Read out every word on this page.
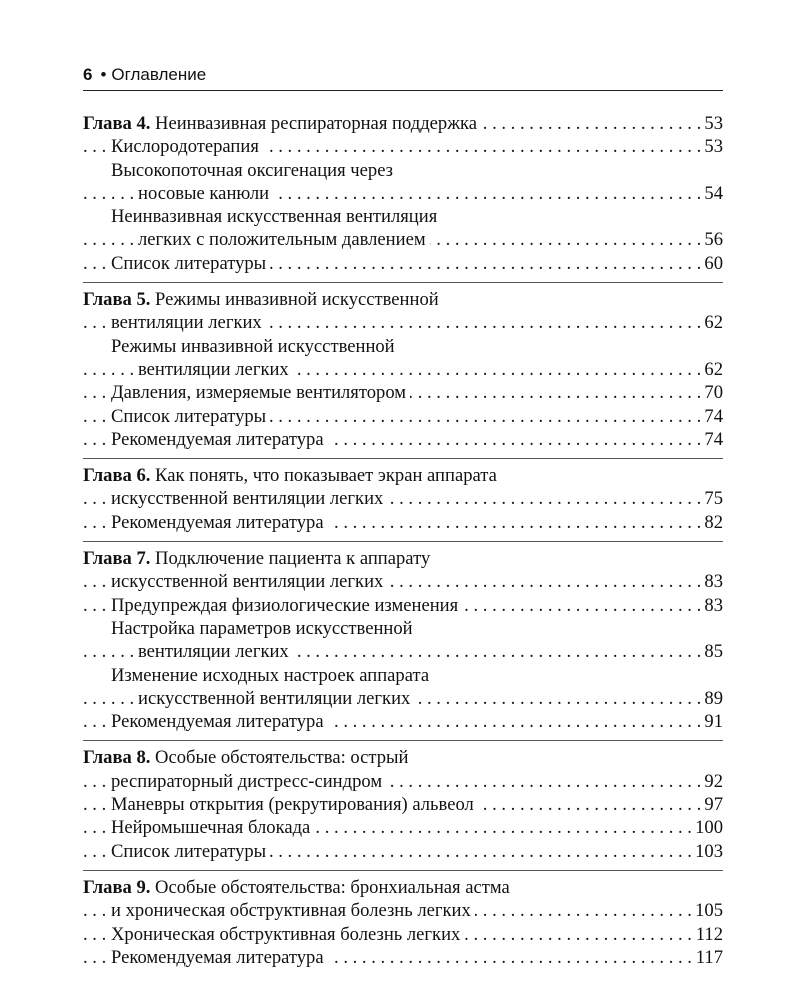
6 • Оглавление
Глава 4. Неинвазивная респираторная поддержка	53
. . .
Кислородотерапия	53
. . .
Высокопоточная оксигенация через
носовые канюли	54
. . .
Неинвазивная искусственная вентиляция
легких с положительным давлением	56
. . .
Список литературы	60
. . .
Глава 5. Режимы инвазивной искусственной
вентиляции легких	62
. . .
Режимы инвазивной искусственной
вентиляции легких	62
. . .
Давления, измеряемые вентилятором	70
. . .
Список литературы	74
. . .
Рекомендуемая литература	74
. . .
Глава 6. Как понять, что показывает экран аппарата
искусственной вентиляции легких	75
. . .
Рекомендуемая литература	82
. . .
Глава 7. Подключение пациента к аппарату
искусственной вентиляции легких	83
. . .
Предупреждая физиологические изменения	83
. . .
Настройка параметров искусственной
вентиляции легких	85
. . .
Изменение исходных настроек аппарата
искусственной вентиляции легких	89
. . .
Рекомендуемая литература	91
. . .
Глава 8. Особые обстоятельства: острый
респираторный дистресс-синдром	92
. . .
Маневры открытия (рекрутирования) альвеол	97
. . .
Нейромышечная блокада	100
. . .
Список литературы	103
. . .
Глава 9. Особые обстоятельства: бронхиальная астма
и хроническая обструктивная болезнь легких	105
. . .
Хроническая обструктивная болезнь легких	112
. . .
Рекомендуемая литература	117
. . .
